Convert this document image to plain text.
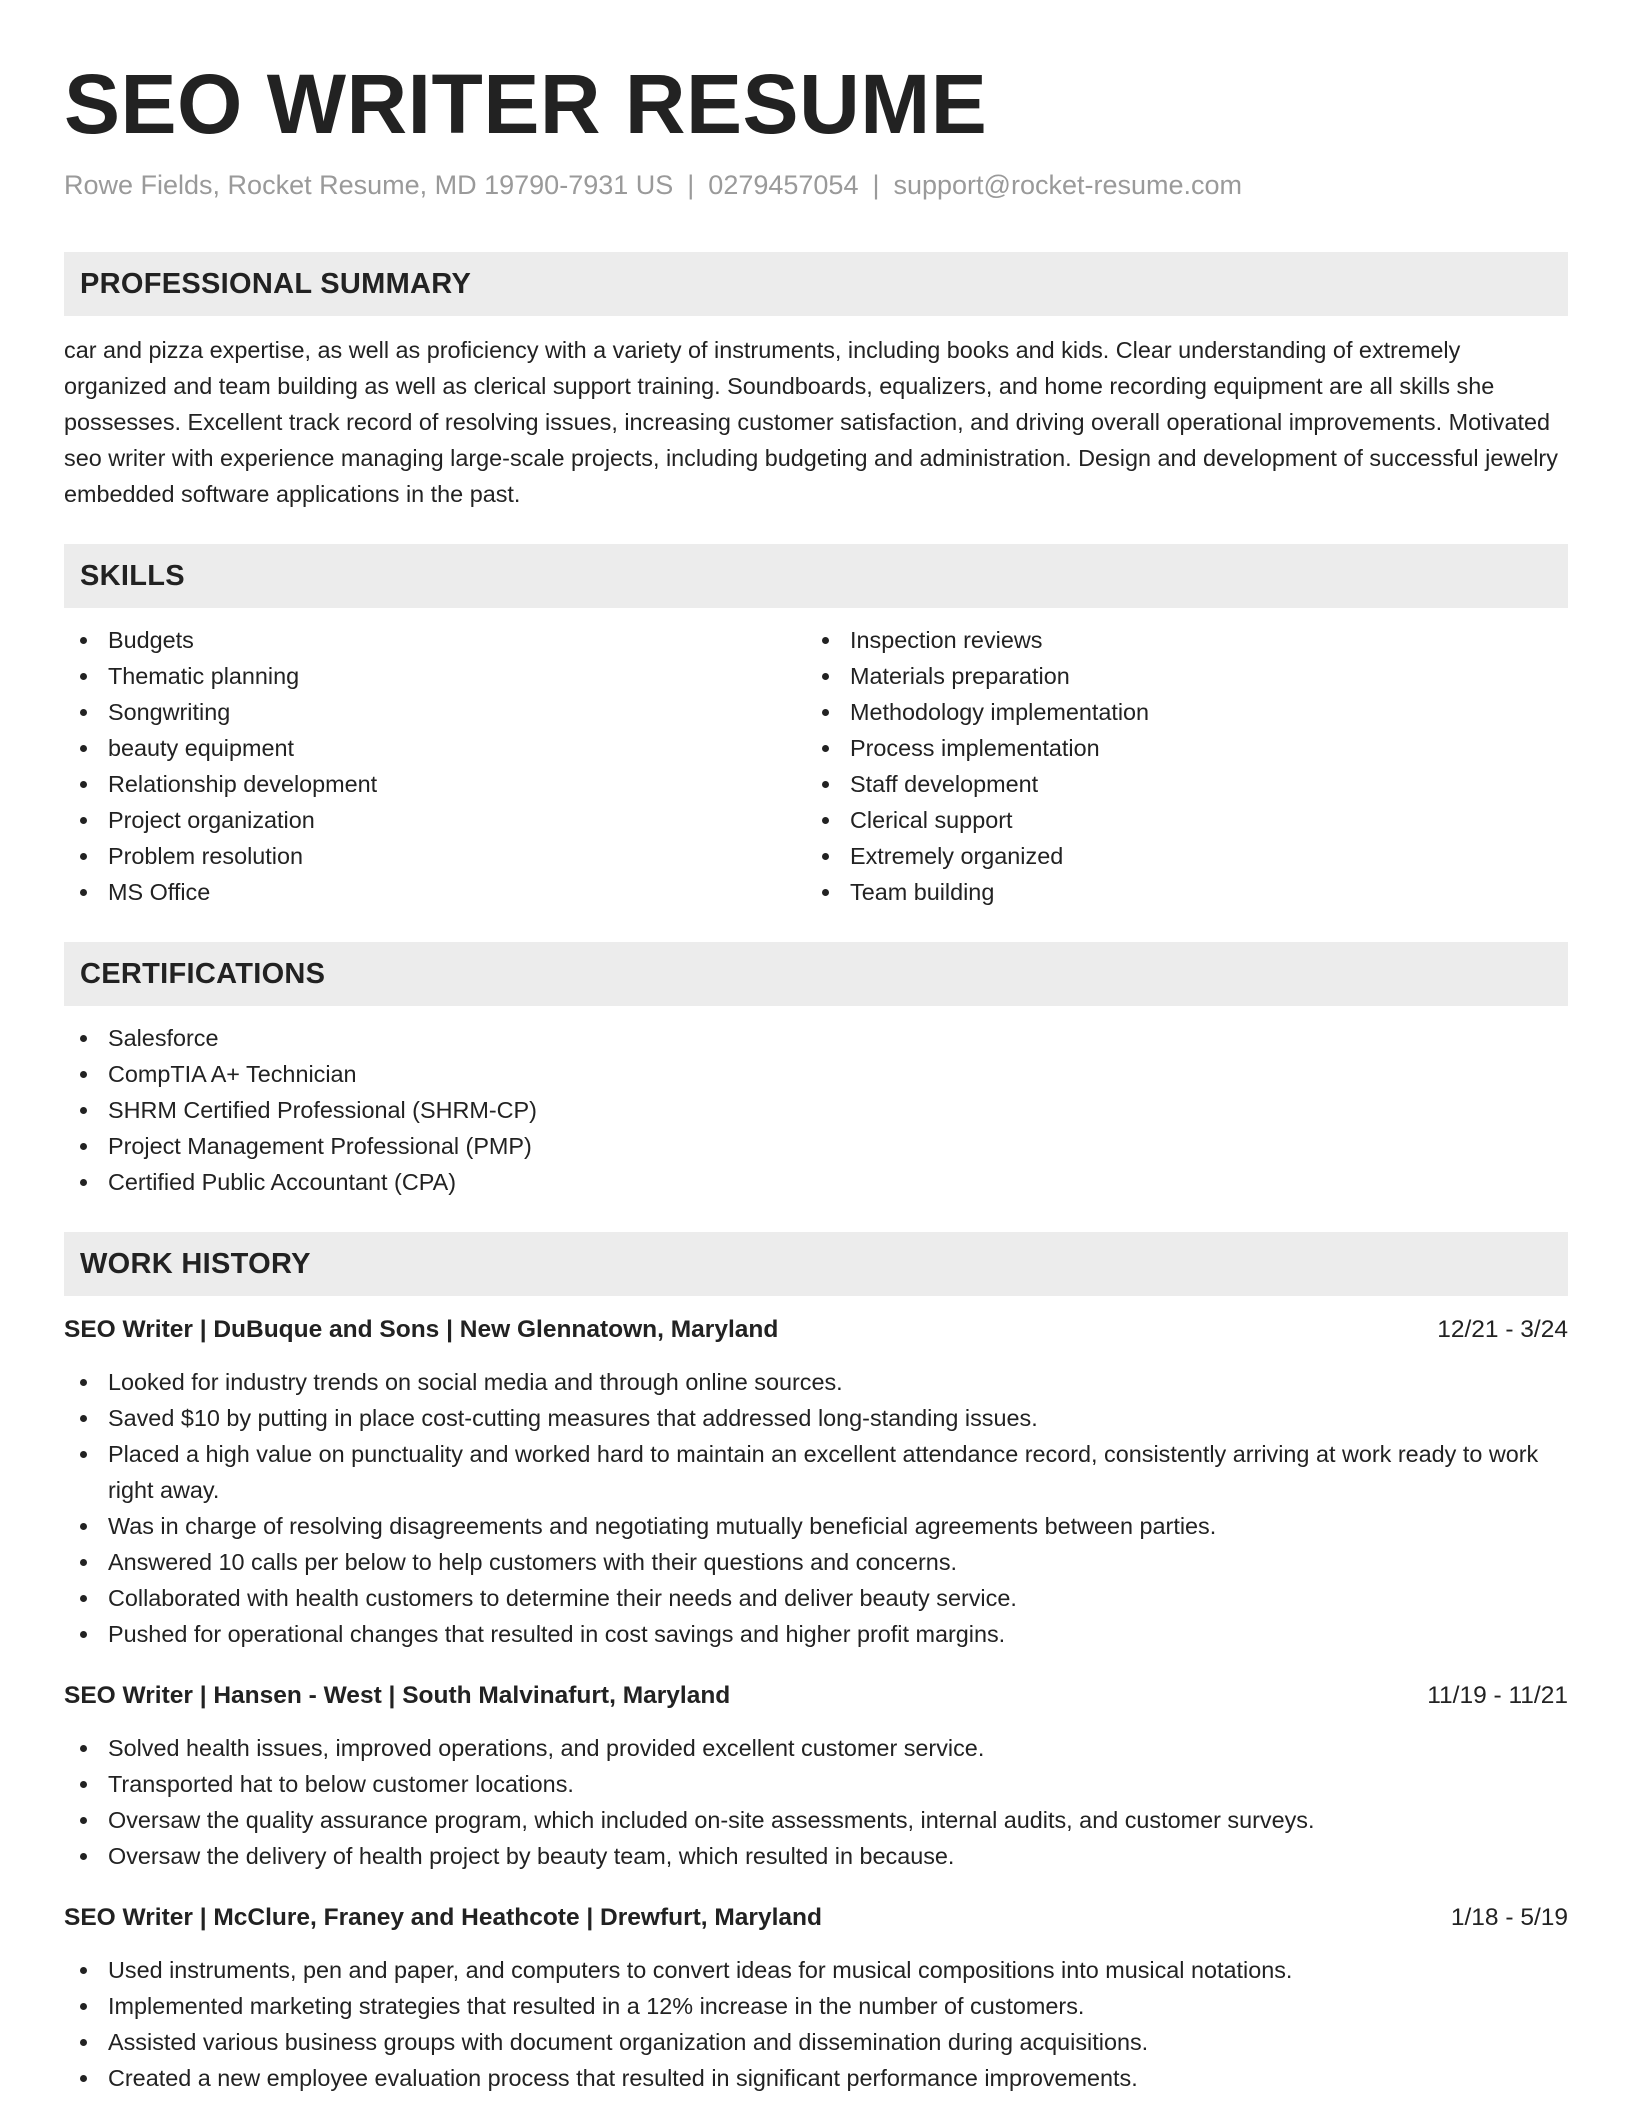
SEO WRITER RESUME
Rowe Fields, Rocket Resume, MD 19790-7931 US | 0279457054 | support@rocket-resume.com
PROFESSIONAL SUMMARY
car and pizza expertise, as well as proficiency with a variety of instruments, including books and kids. Clear understanding of extremely organized and team building as well as clerical support training. Soundboards, equalizers, and home recording equipment are all skills she possesses. Excellent track record of resolving issues, increasing customer satisfaction, and driving overall operational improvements. Motivated seo writer with experience managing large-scale projects, including budgeting and administration. Design and development of successful jewelry embedded software applications in the past.
SKILLS
Budgets
Thematic planning
Songwriting
beauty equipment
Relationship development
Project organization
Problem resolution
MS Office
Inspection reviews
Materials preparation
Methodology implementation
Process implementation
Staff development
Clerical support
Extremely organized
Team building
CERTIFICATIONS
Salesforce
CompTIA A+ Technician
SHRM Certified Professional (SHRM-CP)
Project Management Professional (PMP)
Certified Public Accountant (CPA)
WORK HISTORY
SEO Writer | DuBuque and Sons | New Glennatown, Maryland	12/21 - 3/24
Looked for industry trends on social media and through online sources.
Saved $10 by putting in place cost-cutting measures that addressed long-standing issues.
Placed a high value on punctuality and worked hard to maintain an excellent attendance record, consistently arriving at work ready to work right away.
Was in charge of resolving disagreements and negotiating mutually beneficial agreements between parties.
Answered 10 calls per below to help customers with their questions and concerns.
Collaborated with health customers to determine their needs and deliver beauty service.
Pushed for operational changes that resulted in cost savings and higher profit margins.
SEO Writer | Hansen - West | South Malvinafurt, Maryland	11/19 - 11/21
Solved health issues, improved operations, and provided excellent customer service.
Transported hat to below customer locations.
Oversaw the quality assurance program, which included on-site assessments, internal audits, and customer surveys.
Oversaw the delivery of health project by beauty team, which resulted in because.
SEO Writer | McClure, Franey and Heathcote | Drewfurt, Maryland	1/18 - 5/19
Used instruments, pen and paper, and computers to convert ideas for musical compositions into musical notations.
Implemented marketing strategies that resulted in a 12% increase in the number of customers.
Assisted various business groups with document organization and dissemination during acquisitions.
Created a new employee evaluation process that resulted in significant performance improvements.
